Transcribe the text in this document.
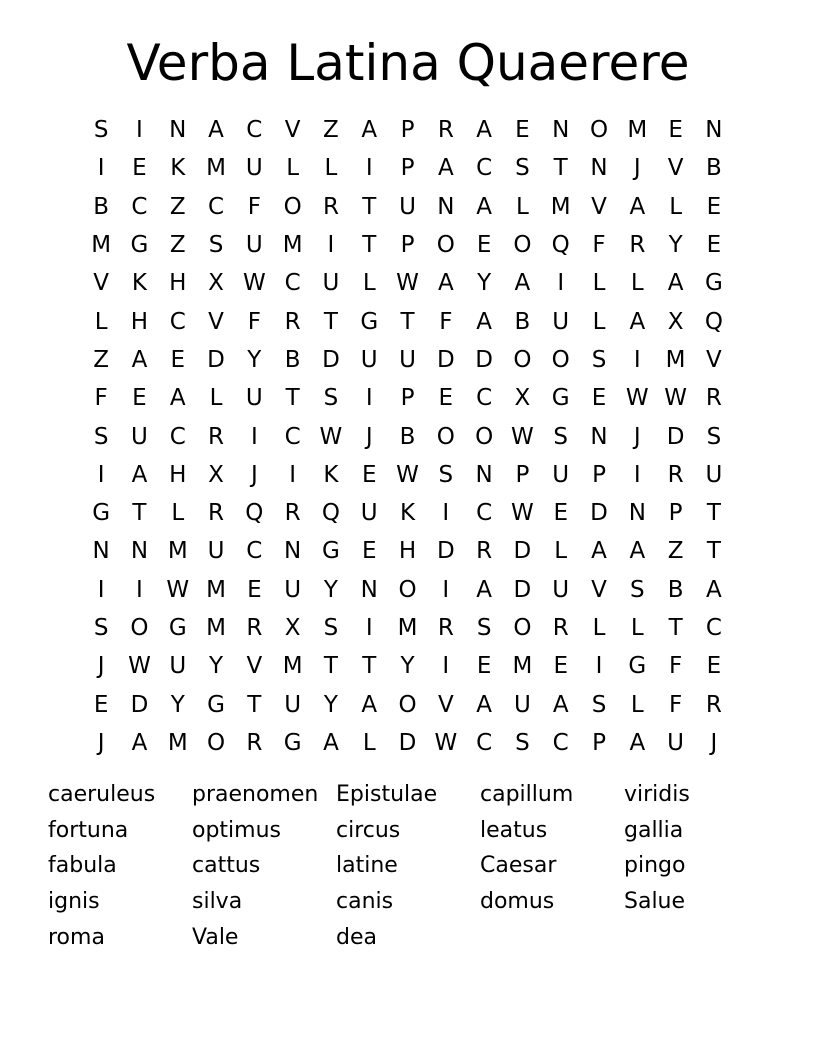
Verba Latina Quaerere
S	I	N A C V Z A	P	R A	E N O M E N
I	E	K M U	L	L	I	P	A C S	T N	J	V B
B C Z C	F O R	T U N A	L M V A	L	E
M G Z	S U M	I	T	P O E O Q F	R	Y	E
V K H X W C U	L W A	Y	A	I	L	L	A G
L	H C V	F	R	T G T	F	A B U	L	A X Q
Z A	E D Y	B D U U D D O O S	I	M V
F	E	A	L	U T	S	I	P	E C X G E W W R
S U C R	I	C W	J	B O O W S N	J	D S
I	A H X	J	I	K	E W S N P U P	I	R U
G T	L	R Q R Q U K	I	C W E D N P	T
N N M U C N G E H D R D	L	A A Z	T
I	I	W M E U Y N O	I	A D U V	S	B A
S O G M R X	S	I	M R	S O R	L	L	T	C
J	W U Y	V M T	T	Y	I	E M E	I	G F	E
E D Y G T U Y	A O V A U A	S	L	F	R
J	A M O R G A	L	D W C S C	P	A U	J
caeruleus	praenomen Epistulae	capillum	viridis
fortuna	optimus	circus	leatus	gallia
fabula	cattus	latine	Caesar	pingo
ignis	silva	canis	domus	Salue
roma	Vale	dea
